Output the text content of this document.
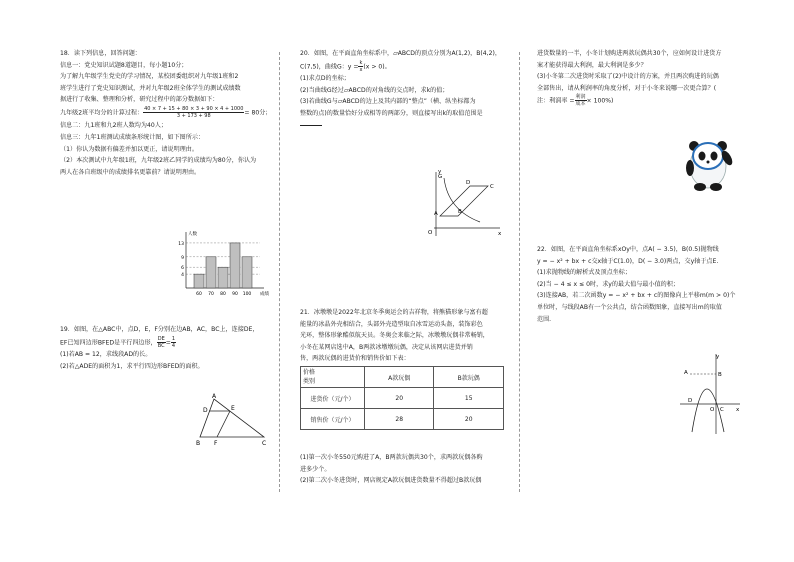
18．读下列信息，回答问题：

信息一：党史知识试题8道题目，每小题10分；

为了解九年级学生党史的学习情况，某校团委组织对九年级1班和2

班学生进行了党史知识测试，并对九年级2班全体学生的测试成绩数

据进行了收集、整理和分析，研究过程中的部分数据如下：

九年级2班平均分的计算过程： $\frac{40 \times 7 + 15 + 80 \times 3 + 90 \times 4 + 1000}{3 + 173 + 98} = 80$分；

信息二：九1班和九2班人数均为40人；

信息三：九年1班测试成绩条形统计图，如下图所示：

（1）你认为数据有偏差并加以更正，请说明理由。

（2）本次测试中九年级1班，九年级2班乙同学的成绩均为80分，你认为

两人在各自班级中的成绩排名更靠前？请说明理由。

4
6
9
13
60 70 80 90 100
人数
成绩

19．如图，在△ABC中，点D，E，F分别在边AB，AC，BC上，连接DE，

EF已知四边形BFED是平行四边形， $\frac{DE}{BC} = \frac{1}{4}$

(1)若AB = 12，求线段AD的长。

(2)若△ADE的面积为1，求平行四边形BFED的面积。

A
D	E
B F	C

20．如图，在平面直角坐标系中，▱ABCD的顶点分别为A(1,2)，B(4,2)，

C(7,5)，曲线G：$y = \frac{k}{x} (x > 0)$。

(1)求点D的坐标；

(2)当曲线G经过▱ABCD的对角线的交点时，求k的值；

(3)若曲线G与▱ABCD的边上及其内部的“整点”（横、纵坐标都为

整数的点)的数量恰好分成相等的两部分，则直接写出k的取值范围是

G
D
C
A	B
O	x
y

21．冰墩墩是2022年北京冬季奥运会的吉祥物，将熊猫形象与富有超

能量的冰晶外壳相结合，头部外壳造型取自冰雪运动头盔，装饰彩色

光环，整体形象酷似航天员。冬奥会来临之际，冰墩墩玩偶非常畅销，

小冬在某网店选中A，B两款冰墩墩玩偶，决定从该网店进货并销

售，两款玩偶的进货价和销售价如下表：

价格
类别	A款玩偶	B款玩偶
进货价（元/个）	20	15
销售价（元/个）	28	20

(1)第一次小冬550元购进了A，B两款玩偶共30个，求两款玩偶各购

进多少个。

(2)第二次小冬进货时，网店规定A款玩偶进货数量不得超过B款玩偶

进货数量的一半，小冬计划购进两款玩偶共30个，应如何设计进货方

案才能获得最大利润，最大利润是多少？

(3)小冬第二次进货时采取了(2)中设计的方案，并且两次购进的玩偶

全部售出，请从利润率的角度分析，对于小冬来说哪一次更合算？(

注：利润率 = $\frac{\text{利润}}{\text{成本}} \times 100\%$)

22．如图，在平面直角坐标系xOy中，点A( − 3.5)，B(0.5)抛物线

y = − x² + bx + c交x轴于C(1.0)，D( − 3.0)两点，交y轴于点E.

(1)求抛物线的解析式及顶点坐标；

(2)当 − 4 ≤ x ≤ 0时，求y的最大值与最小值的积；

(3)连接AB，若二次函数y = − x² + bx + c的图像向上平移m(m > 0)个

单位时，与线段AB有一个公共点，结合函数图象，直接写出m的取值

范围.

y
A	B
D
O C x
